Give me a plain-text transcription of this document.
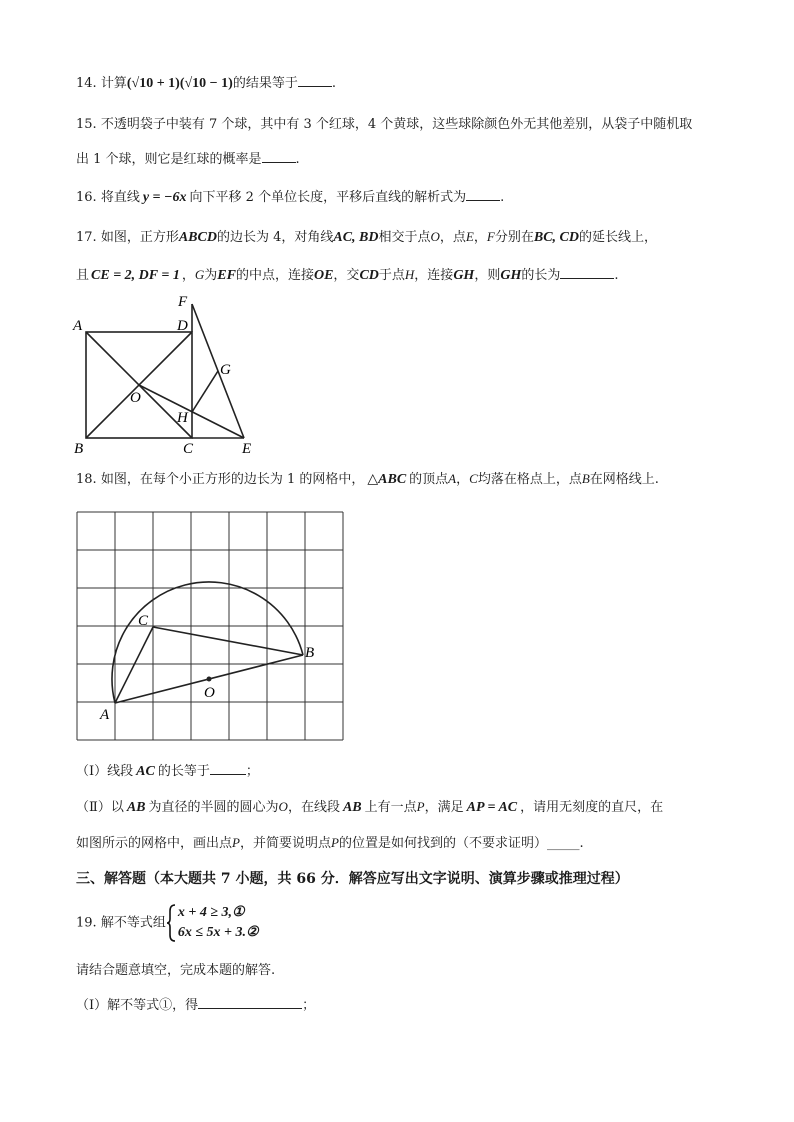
14. 计算(√10 + 1)(√10 − 1)的结果等于	.
15. 不透明袋子中装有 7 个球，其中有 3 个红球，4 个黄球，这些球除颜色外无其他差别，从袋子中随机取
出 1 个球，则它是红球的概率是	.
16. 将直线 y = −6x 向下平移 2 个单位长度，平移后直线的解析式为	.
17. 如图，正方形ABCD的边长为 4，对角线AC, BD相交于点O，点E，F分别在BC, CD的延长线上，
且 CE = 2, DF = 1 ，G为EF的中点，连接OE，交CD于点H，连接GH，则GH的长为	.
A	D
F
G
O
H
B	C	E
18. 如图，在每个小正方形的边长为 1 的网格中， △ABC 的顶点A，C均落在格点上，点B在网格线上.
A
B
C
O
（Ⅰ）线段 AC 的长等于	；
（Ⅱ）以 AB 为直径的半圆的圆心为O，在线段 AB 上有一点P，满足 AP = AC ，请用无刻度的直尺，在
如图所示的网格中，画出点P，并简要说明点P的位置是如何找到的（不要求证明）_____.
三、解答题（本大题共 7 小题，共 66 分．解答应写出文字说明、演算步骤或推理过程）
19. 解不等式组
x + 4 ≥ 3,①
6x ≤ 5x + 3.②
请结合题意填空，完成本题的解答.
（Ⅰ）解不等式①，得	；
